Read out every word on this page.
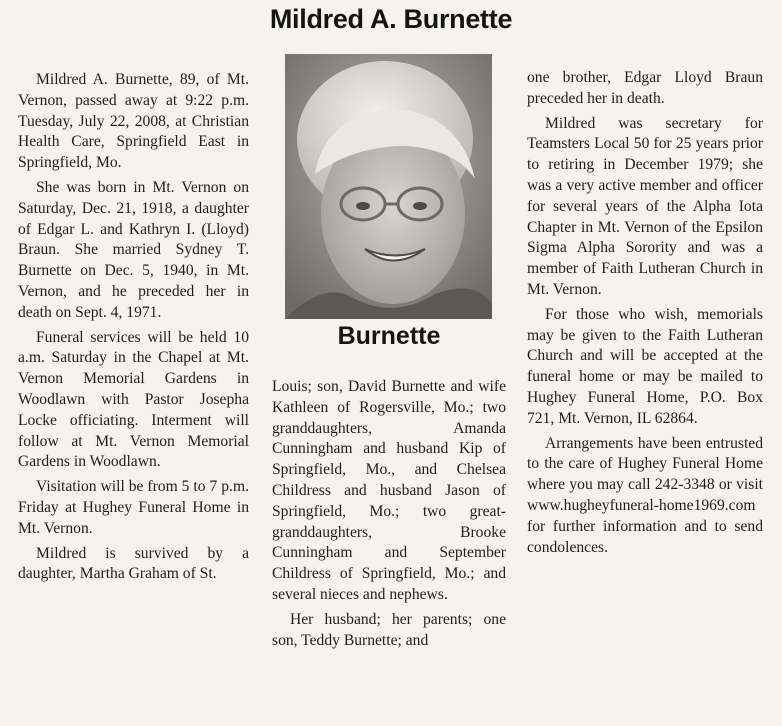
Mildred A. Burnette

Mildred A. Burnette, 89, of Mt. Vernon, passed away at 9:22 p.m. Tuesday, July 22, 2008, at Christian Health Care, Springfield East in Springfield, Mo.

She was born in Mt. Vernon on Saturday, Dec. 21, 1918, a daughter of Edgar L. and Kathryn I. (Lloyd) Braun. She married Sydney T. Burnette on Dec. 5, 1940, in Mt. Vernon, and he preceded her in death on Sept. 4, 1971.

Funeral services will be held 10 a.m. Saturday in the Chapel at Mt. Vernon Memorial Gardens in Woodlawn with Pastor Josepha Locke officiating. Interment will follow at Mt. Vernon Memorial Gardens in Woodlawn.

Visitation will be from 5 to 7 p.m. Friday at Hughey Funeral Home in Mt. Vernon.

Mildred is survived by a daughter, Martha Graham of St.

Burnette

Louis; son, David Burnette and wife Kathleen of Rogersville, Mo.; two granddaughters, Amanda Cunningham and husband Kip of Springfield, Mo., and Chelsea Childress and husband Jason of Springfield, Mo.; two great-granddaughters, Brooke Cunningham and September Childress of Springfield, Mo.; and several nieces and nephews.

Her husband; her parents; one son, Teddy Burnette; and

one brother, Edgar Lloyd Braun preceded her in death.

Mildred was secretary for Teamsters Local 50 for 25 years prior to retiring in December 1979; she was a very active member and officer for several years of the Alpha Iota Chapter in Mt. Vernon of the Epsilon Sigma Alpha Sorority and was a member of Faith Lutheran Church in Mt. Vernon.

For those who wish, memorials may be given to the Faith Lutheran Church and will be accepted at the funeral home or may be mailed to Hughey Funeral Home, P.O. Box 721, Mt. Vernon, IL 62864.

Arrangements have been entrusted to the care of Hughey Funeral Home where you may call 242-3348 or visit www.hugheyfuneral-home1969.com for further information and to send condolences.
